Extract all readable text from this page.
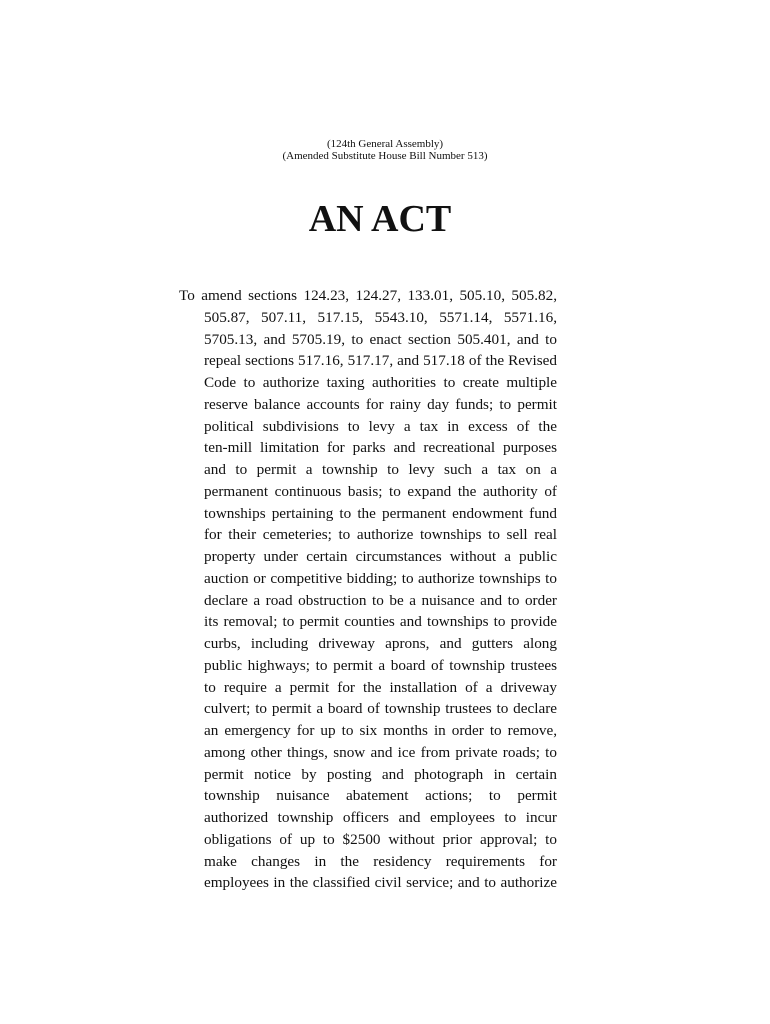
(124th General Assembly)
(Amended Substitute House Bill Number 513)
AN ACT
To amend sections 124.23, 124.27, 133.01, 505.10, 505.82,
505.87, 507.11, 517.15, 5543.10, 5571.14, 5571.16,
5705.13, and 5705.19, to enact section 505.401, and to
repeal sections 517.16, 517.17, and 517.18 of the Revised
Code to authorize taxing authorities to create multiple
reserve balance accounts for rainy day funds; to permit
political subdivisions to levy a tax in excess of the
ten-mill limitation for parks and recreational purposes
and to permit a township to levy such a tax on a
permanent continuous basis; to expand the authority of
townships pertaining to the permanent endowment fund
for their cemeteries; to authorize townships to sell real
property under certain circumstances without a public
auction or competitive bidding; to authorize townships to
declare a road obstruction to be a nuisance and to order
its removal; to permit counties and townships to provide
curbs, including driveway aprons, and gutters along
public highways; to permit a board of township trustees
to require a permit for the installation of a driveway
culvert; to permit a board of township trustees to declare
an emergency for up to six months in order to remove,
among other things, snow and ice from private roads; to
permit notice by posting and photograph in certain
township nuisance abatement actions; to permit
authorized township officers and employees to incur
obligations of up to $2500 without prior approval; to
make changes in the residency requirements for
employees in the classified civil service; and to authorize
